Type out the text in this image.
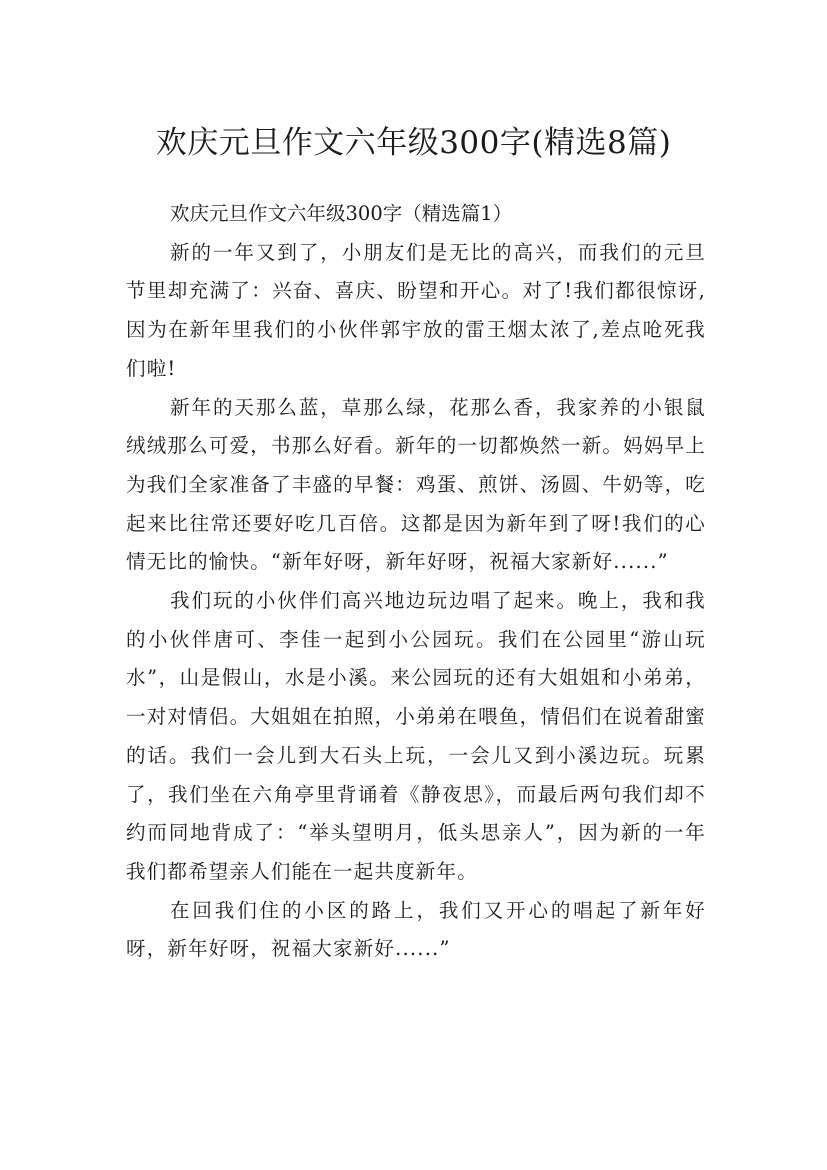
欢庆元旦作文六年级300字(精选8篇)

欢庆元旦作文六年级300字（精选篇1）

新的一年又到了，小朋友们是无比的高兴，而我们的元旦节里却充满了：兴奋、喜庆、盼望和开心。对了!我们都很惊讶,因为在新年里我们的小伙伴郭宇放的雷王烟太浓了,差点呛死我们啦!

新年的天那么蓝，草那么绿，花那么香，我家养的小银鼠绒绒那么可爱，书那么好看。新年的一切都焕然一新。妈妈早上为我们全家准备了丰盛的早餐：鸡蛋、煎饼、汤圆、牛奶等，吃起来比往常还要好吃几百倍。这都是因为新年到了呀!我们的心情无比的愉快。“新年好呀，新年好呀，祝福大家新好......”

我们玩的小伙伴们高兴地边玩边唱了起来。晚上，我和我的小伙伴唐可、李佳一起到小公园玩。我们在公园里“游山玩水”，山是假山，水是小溪。来公园玩的还有大姐姐和小弟弟，一对对情侣。大姐姐在拍照，小弟弟在喂鱼，情侣们在说着甜蜜的话。我们一会儿到大石头上玩，一会儿又到小溪边玩。玩累了，我们坐在六角亭里背诵着《静夜思》，而最后两句我们却不约而同地背成了：“举头望明月，低头思亲人”，因为新的一年我们都希望亲人们能在一起共度新年。

在回我们住的小区的路上，我们又开心的唱起了新年好呀，新年好呀，祝福大家新好......”
